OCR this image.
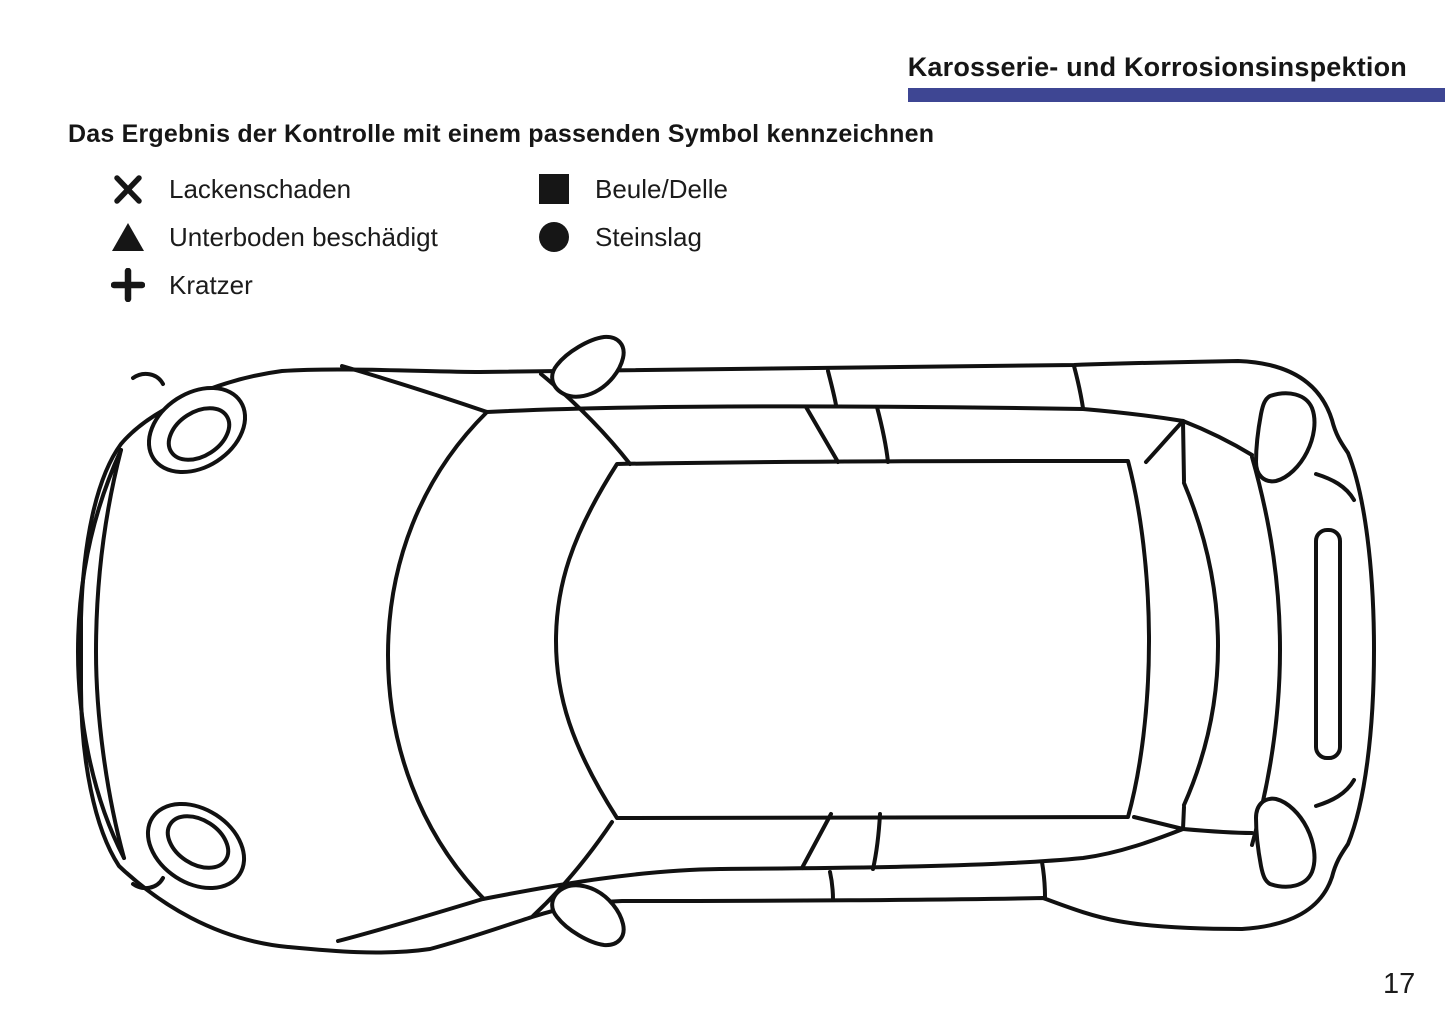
Karosserie- und Korrosionsinspektion
Das Ergebnis der Kontrolle mit einem passenden Symbol kennzeichnen
Lackenschaden
Unterboden beschädigt
Kratzer
Beule/Delle
Steinslag
17
